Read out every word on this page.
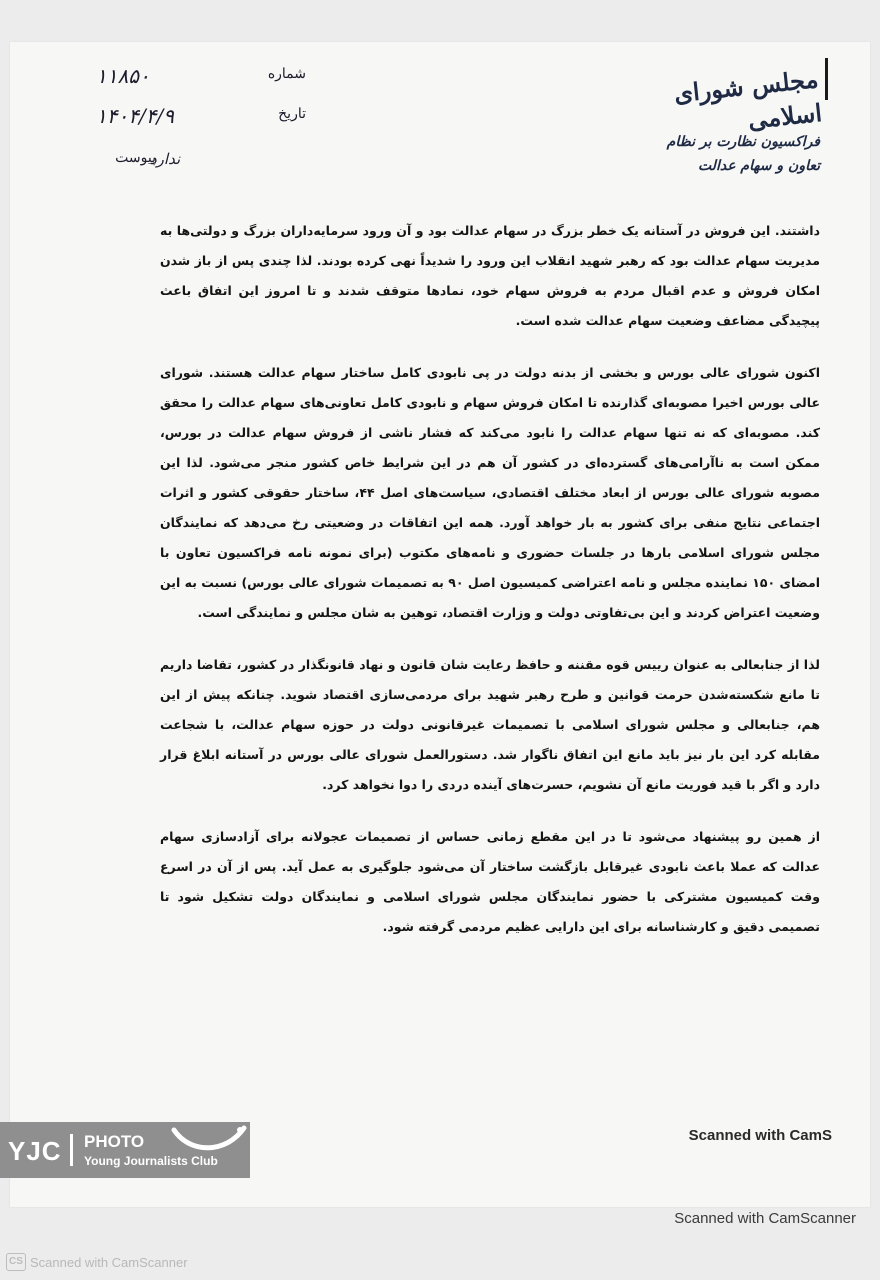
مجلس شورای اسلامی
فراکسیون نظارت بر نظام
تعاون و سهام عدالت
۱۱۸۵۰	شماره
۱۴۰۴/۴/۹	تاریخ
ندارد
پیوست

داشتند. این فروش در آستانه یک خطر بزرگ در سهام عدالت بود و آن ورود سرمایه‌داران بزرگ و دولتی‌ها به مدیریت سهام عدالت بود که رهبر شهید انقلاب این ورود را شدیداً نهی کرده بودند. لذا چندی پس از باز شدن امکان فروش و عدم اقبال مردم به فروش سهام خود، نمادها متوقف شدند و تا امروز این اتفاق باعث پیچیدگی مضاعف وضعیت سهام عدالت شده است.

اکنون شورای عالی بورس و بخشی از بدنه دولت در پی نابودی کامل ساختار سهام عدالت هستند. شورای عالی بورس اخیرا مصوبه‌ای گذارنده تا امکان فروش سهام و نابودی کامل تعاونی‌های سهام عدالت را محقق کند. مصوبه‌ای که نه تنها سهام عدالت را نابود می‌کند که فشار ناشی از فروش سهام عدالت در بورس، ممکن است به ناآرامی‌های گسترده‌ای در کشور آن هم در این شرایط خاص کشور منجر می‌شود. لذا این مصوبه شورای عالی بورس از ابعاد مختلف اقتصادی، سیاست‌های اصل ۴۴، ساختار حقوقی کشور و اثرات اجتماعی نتایج منفی برای کشور به بار خواهد آورد. همه این اتفاقات در وضعیتی رخ می‌دهد که نمایندگان مجلس شورای اسلامی بارها در جلسات حضوری و نامه‌های مکتوب (برای نمونه نامه فراکسیون تعاون با امضای ۱۵۰ نماینده مجلس و نامه اعتراضی کمیسیون اصل ۹۰ به تصمیمات شورای عالی بورس) نسبت به این وضعیت اعتراض کردند و این بی‌تفاوتی دولت و وزارت اقتصاد، توهین به شان مجلس و نمایندگی است.

لذا از جنابعالی به عنوان رییس قوه مقننه و حافظ رعایت شان قانون و نهاد قانونگذار در کشور، تقاضا داریم تا مانع شکسته‌شدن حرمت قوانین و طرح رهبر شهید برای مردمی‌سازی اقتصاد شوید. چنانکه پیش از این هم، جنابعالی و مجلس شورای اسلامی با تصمیمات غیرقانونی دولت در حوزه سهام عدالت، با شجاعت مقابله کرد این بار نیز باید مانع این اتفاق ناگوار شد. دستورالعمل شورای عالی بورس در آستانه ابلاغ قرار دارد و اگر با قید فوریت مانع آن نشویم، حسرت‌های آینده دردی را دوا نخواهد کرد.

از همین رو پیشنهاد می‌شود تا در این مقطع زمانی حساس از تصمیمات عجولانه برای آزادسازی سهام عدالت که عملا باعث نابودی غیرقابل بازگشت ساختار آن می‌شود جلوگیری به عمل آید. پس از آن در اسرع وقت کمیسیون مشترکی با حضور نمایندگان مجلس شورای اسلامی و نمایندگان دولت تشکیل شود تا تصمیمی دقیق و کارشناسانه برای این دارایی عظیم مردمی گرفته شود.

YJC PHOTO
Young Journalists Club
Scanned with CamS
Scanned with CamScanner
CS Scanned with CamScanner
